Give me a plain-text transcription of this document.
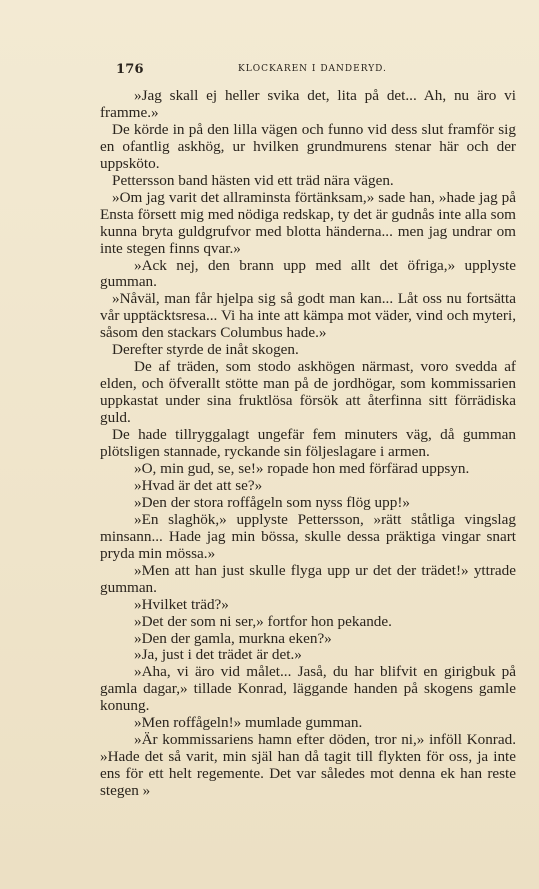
176	KLOCKAREN I DANDERYD.

»Jag skall ej heller svika det, lita på det... Ah, nu äro vi framme.»

De körde in på den lilla vägen och funno vid dess slut framför sig en ofantlig askhög, ur hvilken grundmurens stenar här och der uppsköto.

Pettersson band hästen vid ett träd nära vägen.

»Om jag varit det allraminsta förtänksam,» sade han, »hade jag på Ensta försett mig med nödiga redskap, ty det är gudnås inte alla som kunna bryta guldgrufvor med blotta händerna... men jag undrar om inte stegen finns qvar.»

»Ack nej, den brann upp med allt det öfriga,» upplyste gumman.

»Nåväl, man får hjelpa sig så godt man kan... Låt oss nu fortsätta vår upptäcktsresa... Vi ha inte att kämpa mot väder, vind och myteri, såsom den stackars Columbus hade.»

Derefter styrde de inåt skogen.

De af träden, som stodo askhögen närmast, voro svedda af elden, och öfverallt stötte man på de jordhögar, som kommissarien uppkastat under sina fruktlösa försök att återfinna sitt förrädiska guld.

De hade tillryggalagt ungefär fem minuters väg, då gumman plötsligen stannade, ryckande sin följeslagare i armen.

»O, min gud, se, se!» ropade hon med förfärad uppsyn.

»Hvad är det att se?»

»Den der stora roffågeln som nyss flög upp!»

»En slaghök,» upplyste Pettersson, »rätt ståtliga vingslag minsann... Hade jag min bössa, skulle dessa präktiga vingar snart pryda min mössa.»

»Men att han just skulle flyga upp ur det der trädet!» yttrade gumman.

»Hvilket träd?»

»Det der som ni ser,» fortfor hon pekande.

»Den der gamla, murkna eken?»

»Ja, just i det trädet är det.»

»Aha, vi äro vid målet... Jaså, du har blifvit en girigbuk på gamla dagar,» tillade Konrad, läggande handen på skogens gamle konung.

»Men roffågeln!» mumlade gumman.

»Är kommissariens hamn efter döden, tror ni,» inföll Konrad. »Hade det så varit, min själ han då tagit till flykten för oss, ja inte ens för ett helt regemente. Det var således mot denna ek han reste stegen »
